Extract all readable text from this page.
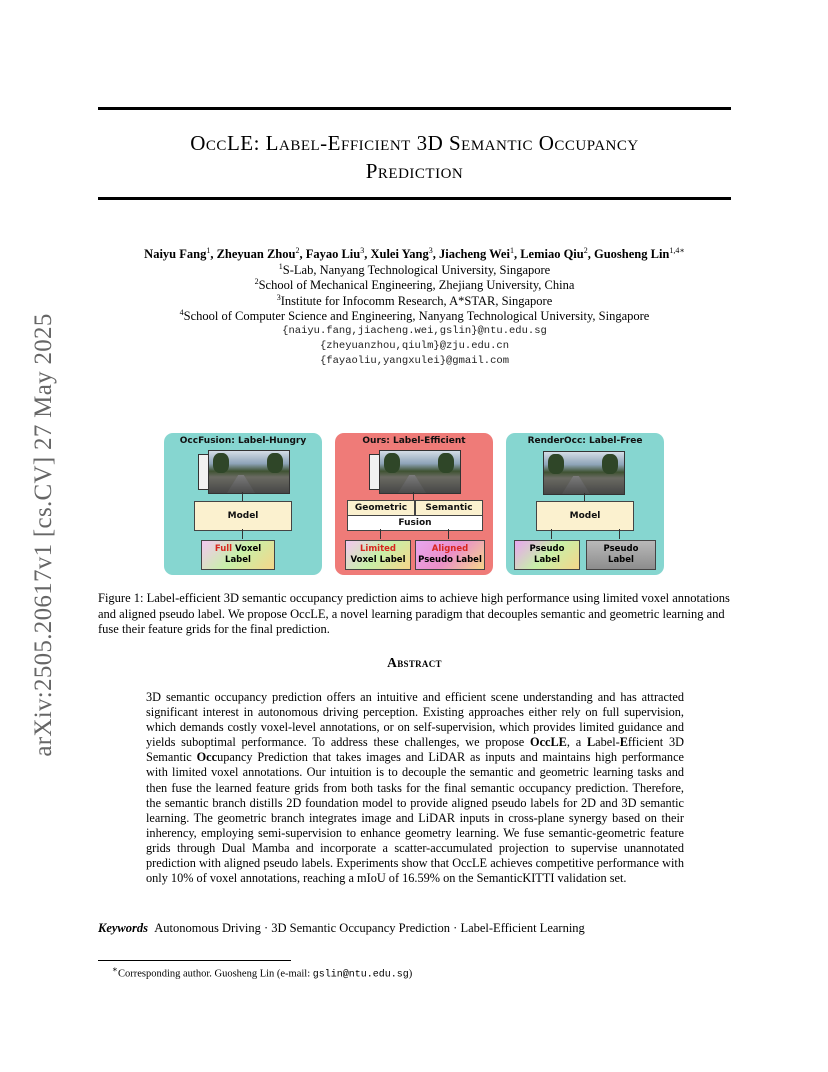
arXiv:2505.20617v1 [cs.CV] 27 May 2025
OccLE: Label-Efficient 3D Semantic Occupancy
Prediction
Naiyu Fang$^1$, Zheyuan Zhou$^2$, Fayao Liu$^3$, Xulei Yang$^3$, Jiacheng Wei$^1$, Lemiao Qiu$^2$, Guosheng Lin$^{1,4∗}$
$^1$S-Lab, Nanyang Technological University, Singapore
$^2$School of Mechanical Engineering, Zhejiang University, China
$^3$Institute for Infocomm Research, A*STAR, Singapore
$^4$School of Computer Science and Engineering, Nanyang Technological University, Singapore
{naiyu.fang,jiacheng.wei,gslin}@ntu.edu.sg
{zheyuanzhou,qiulm}@zju.edu.cn
{fayaoliu,yangxulei}@gmail.com
OccFusion: Label-Hungry
Model
Full Voxel
Label
Ours: Label-Efficient
Geometric	Semantic
Fusion
Limited
Voxel Label
Aligned
Pseudo Label
RenderOcc: Label-Free
Model
Pseudo
Label
Pseudo
Label
Figure 1: Label-efficient 3D semantic occupancy prediction aims to achieve high performance using limited voxel annotations and aligned pseudo label. We propose OccLE, a novel learning paradigm that decouples semantic and geometric learning and fuse their feature grids for the final prediction.
Abstract
3D semantic occupancy prediction offers an intuitive and efficient scene understanding and has attracted significant interest in autonomous driving perception. Existing approaches either rely on full supervision, which demands costly voxel-level annotations, or on self-supervision, which provides limited guidance and yields suboptimal performance. To address these challenges, we propose OccLE, a Label-Efficient 3D Semantic Occupancy Prediction that takes images and LiDAR as inputs and maintains high performance with limited voxel annotations. Our intuition is to decouple the semantic and geometric learning tasks and then fuse the learned feature grids from both tasks for the final semantic occupancy prediction. Therefore, the semantic branch distills 2D foundation model to provide aligned pseudo labels for 2D and 3D semantic learning. The geometric branch integrates image and LiDAR inputs in cross-plane synergy based on their inherency, employing semi-supervision to enhance geometry learning. We fuse semantic-geometric feature grids through Dual Mamba and incorporate a scatter-accumulated projection to supervise unannotated prediction with aligned pseudo labels. Experiments show that OccLE achieves competitive performance with only 10% of voxel annotations, reaching a mIoU of 16.59% on the SemanticKITTI validation set.
Keywords Autonomous Driving · 3D Semantic Occupancy Prediction · Label-Efficient Learning
∗Corresponding author. Guosheng Lin (e-mail: gslin@ntu.edu.sg)
